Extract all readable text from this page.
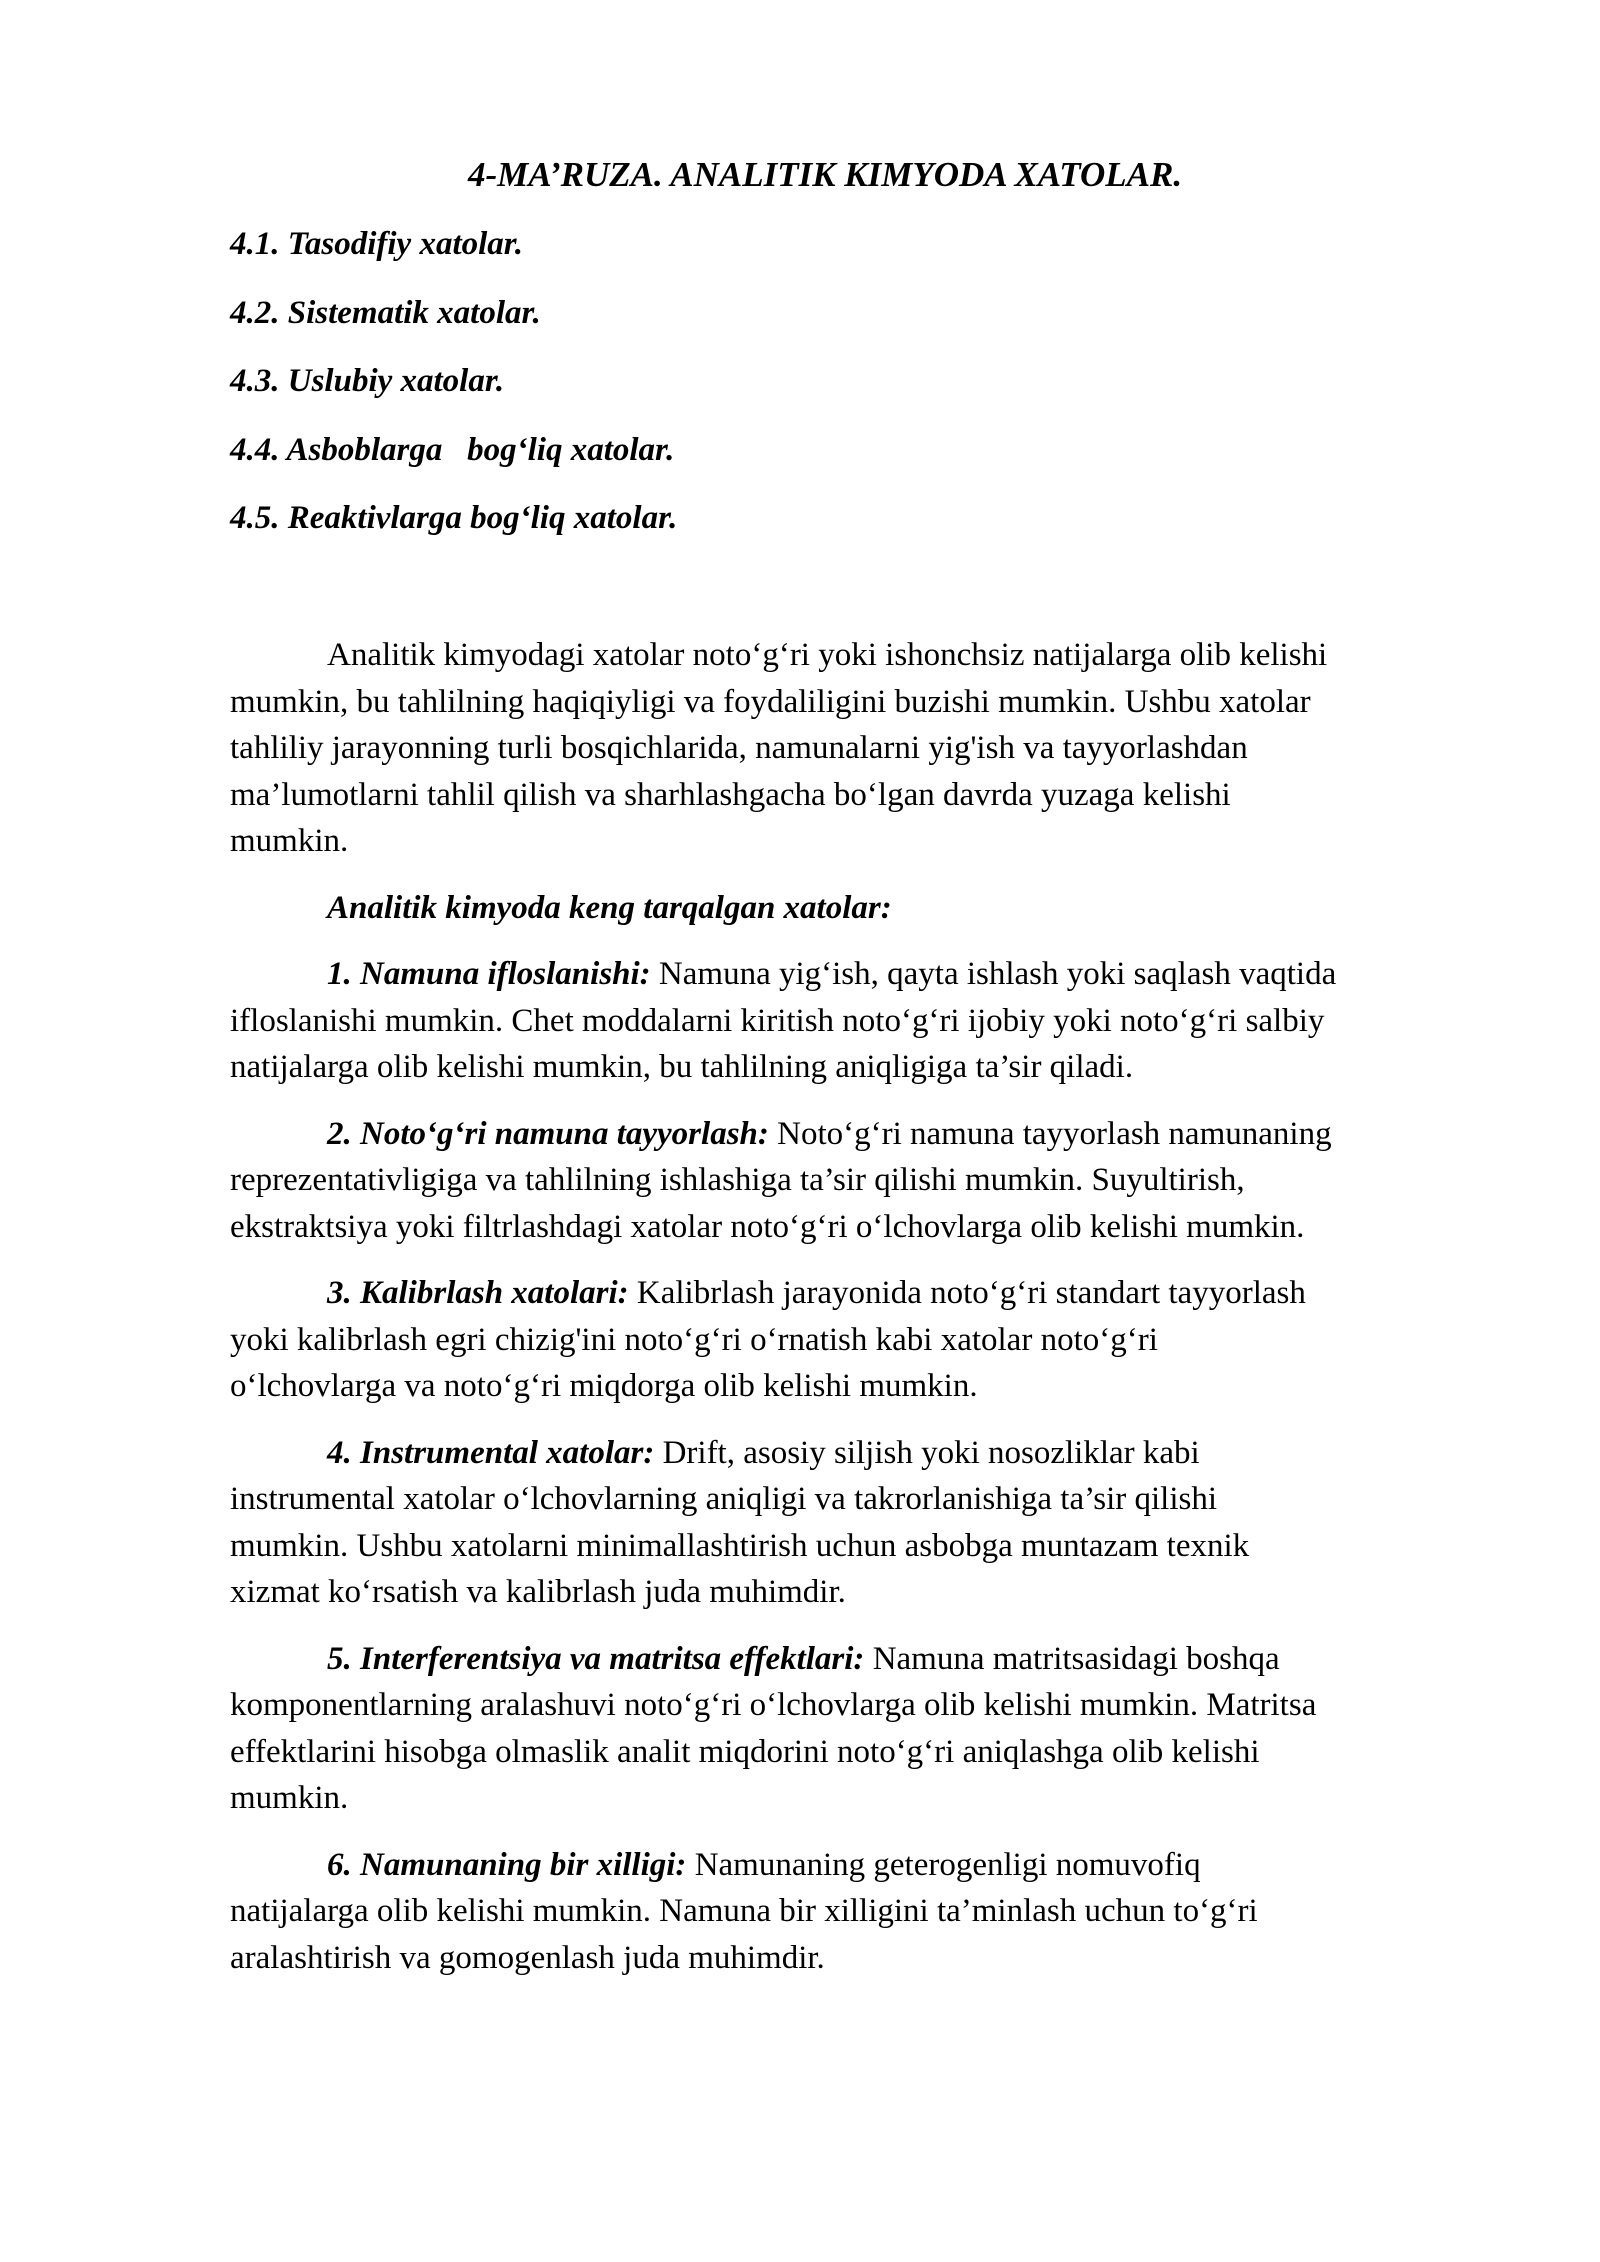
4-MA’RUZA. ANALITIK KIMYODA XATOLAR.
4.1. Tasodifiy xatolar.
4.2. Sistematik xatolar.
4.3. Uslubiy xatolar.
4.4. Asboblarga   bog‘liq xatolar.
4.5. Reaktivlarga bog‘liq xatolar.

Analitik kimyodagi xatolar noto‘g‘ri yoki ishonchsiz natijalarga olib kelishi
mumkin, bu tahlilning haqiqiyligi va foydaliligini buzishi mumkin. Ushbu xatolar
tahliliy jarayonning turli bosqichlarida, namunalarni yig'ish va tayyorlashdan
ma’lumotlarni tahlil qilish va sharhlashgacha bo‘lgan davrda yuzaga kelishi
mumkin.

Analitik kimyoda keng tarqalgan xatolar:

1. Namuna ifloslanishi: Namuna yig‘ish, qayta ishlash yoki saqlash vaqtida
ifloslanishi mumkin. Chet moddalarni kiritish noto‘g‘ri ijobiy yoki noto‘g‘ri salbiy
natijalarga olib kelishi mumkin, bu tahlilning aniqligiga ta’sir qiladi.

2. Noto‘g‘ri namuna tayyorlash: Noto‘g‘ri namuna tayyorlash namunaning
reprezentativligiga va tahlilning ishlashiga ta’sir qilishi mumkin. Suyultirish,
ekstraktsiya yoki filtrlashdagi xatolar noto‘g‘ri o‘lchovlarga olib kelishi mumkin.

3. Kalibrlash xatolari: Kalibrlash jarayonida noto‘g‘ri standart tayyorlash
yoki kalibrlash egri chizig'ini noto‘g‘ri o‘rnatish kabi xatolar noto‘g‘ri
o‘lchovlarga va noto‘g‘ri miqdorga olib kelishi mumkin.

4. Instrumental xatolar: Drift, asosiy siljish yoki nosozliklar kabi
instrumental xatolar o‘lchovlarning aniqligi va takrorlanishiga ta’sir qilishi
mumkin. Ushbu xatolarni minimallashtirish uchun asbobga muntazam texnik
xizmat ko‘rsatish va kalibrlash juda muhimdir.

5. Interferentsiya va matritsa effektlari: Namuna matritsasidagi boshqa
komponentlarning aralashuvi noto‘g‘ri o‘lchovlarga olib kelishi mumkin. Matritsa
effektlarini hisobga olmaslik analit miqdorini noto‘g‘ri aniqlashga olib kelishi
mumkin.

6. Namunaning bir xilligi: Namunaning geterogenligi nomuvofiq
natijalarga olib kelishi mumkin. Namuna bir xilligini ta’minlash uchun to‘g‘ri
aralashtirish va gomogenlash juda muhimdir.
